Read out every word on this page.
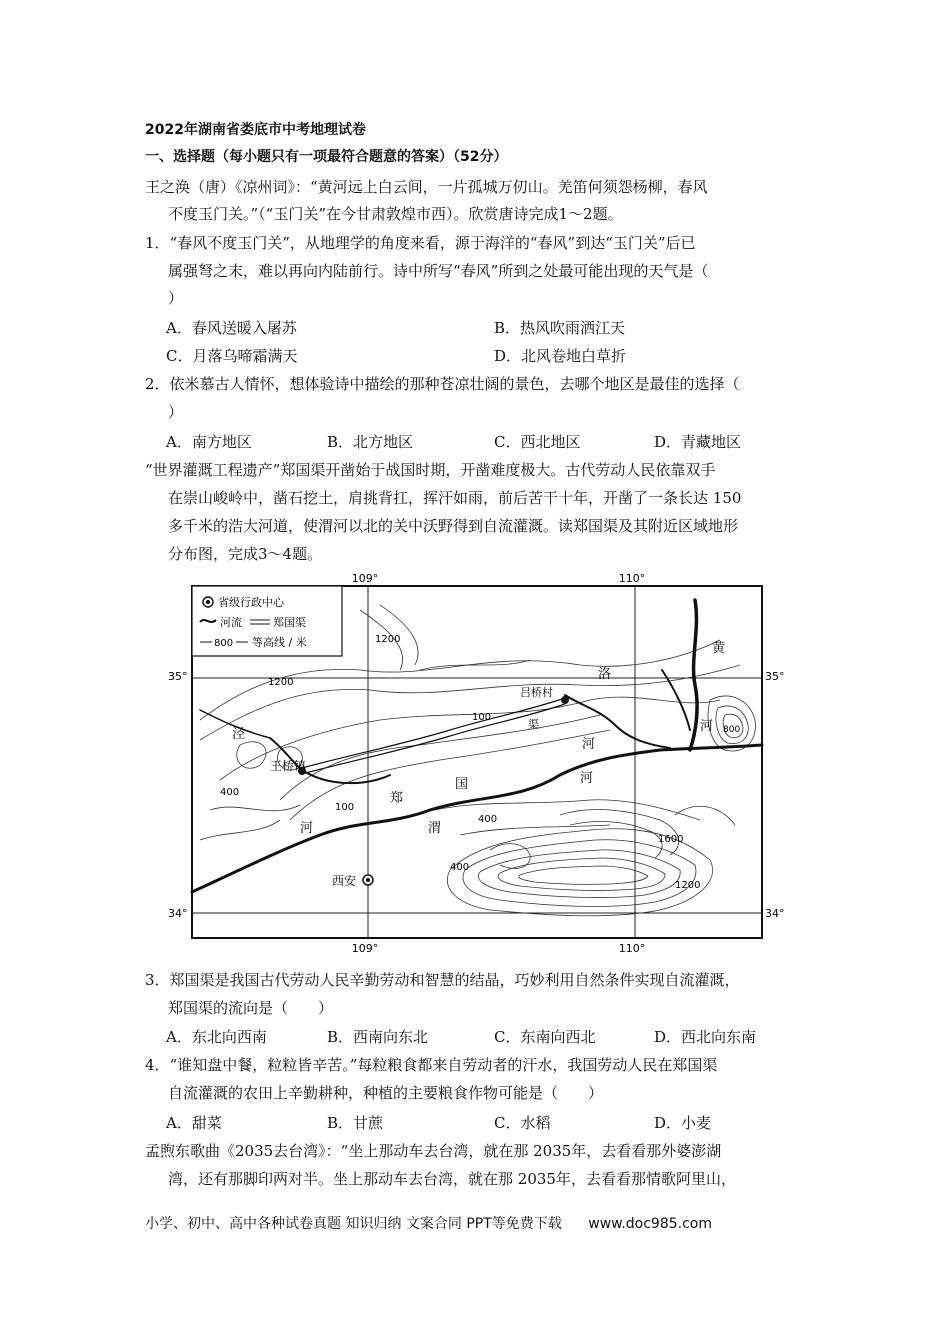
2022年湖南省娄底市中考地理试卷
一、选择题（每小题只有一项最符合题意的答案）（52分）
王之涣（唐）《凉州词》：“黄河远上白云间，一片孤城万仞山。羌笛何须怨杨柳，春风
不度玉门关。”（“玉门关”在今甘肃敦煌市西）。欣赏唐诗完成1～2题。
1．“春风不度玉门关”，从地理学的角度来看，源于海洋的“春风”到达“玉门关”后已
属强弩之末，难以再向内陆前行。诗中所写“春风”所到之处最可能出现的天气是（
）
A．春风送暖入屠苏	B．热风吹雨洒江天
C．月落乌啼霜满天	D．北风卷地白草折
2．依米慕古人情怀，想体验诗中描绘的那种苍凉壮阔的景色，去哪个地区是最佳的选择（
）
A．南方地区	B．北方地区	C．西北地区	D．青藏地区
“世界灌溉工程遗产”郑国渠开凿始于战国时期，开凿难度极大。古代劳动人民依靠双手
在崇山峻岭中，凿石挖土，肩挑背扛，挥汗如雨，前后苦干十年，开凿了一条长达 150
多千米的浩大河道，使渭河以北的关中沃野得到自流灌溉。读郑国渠及其附近区域地形
分布图，完成3～4题。
109°	110°
109°	110°
35°	35°
34°	34°
王桥镇
吕桥村
西安
郑
国
渠
河
河
泾
渭
河
洛
黄
河
1200
1200
1200
400
400
400
100
100
1600
800
省级行政中心
河流	郑国渠
800 等高线 / 米
3．郑国渠是我国古代劳动人民辛勤劳动和智慧的结晶，巧妙利用自然条件实现自流灌溉，
郑国渠的流向是（　　）
A．东北向西南	B．西南向东北	C．东南向西北	D．西北向东南
4．“谁知盘中餐，粒粒皆辛苦。”每粒粮食都来自劳动者的汗水，我国劳动人民在郑国渠
自流灌溉的农田上辛勤耕种，种植的主要粮食作物可能是（　　）
A．甜菜	B．甘蔗	C．水稻	D．小麦
孟煦东歌曲《2035去台湾》：“坐上那动车去台湾，就在那 2035年，去看看那外婆澎湖
湾，还有那脚印两对半。坐上那动车去台湾，就在那 2035年，去看看那情歌阿里山，
小学、初中、高中各种试卷真题 知识归纳 文案合同 PPT等免费下载 www.doc985.com
